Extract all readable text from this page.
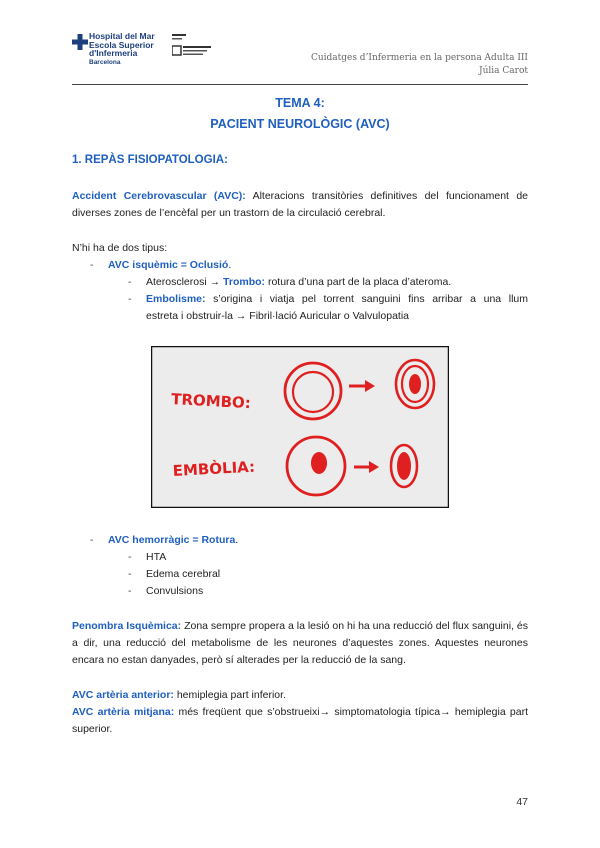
Hospital del Mar
Escola Superior
d'Infermeria
Barcelona	Cuidatges d’Infermeria en la persona Adulta III
Júlia Carot
TEMA 4:
PACIENT NEUROLÒGIC (AVC)
1. REPÀS FISIOPATOLOGIA:
Accident Cerebrovascular (AVC): Alteracions transitòries definitives del funcionament de diverses zones de l’encèfal per un trastorn de la circulació cerebral.
N’hi ha de dos tipus:
- AVC isquèmic = Oclusió.
- Aterosclerosi → Trombo: rotura d’una part de la placa d’ateroma.
- Embolisme: s’origina i viatja pel torrent sanguini fins arribar a una llum
estreta i obstruir-la → Fibril·lació Auricular o Valvulopatia
TROMBO:
EMBÒLIA:
- AVC hemorràgic = Rotura.
- HTA
- Edema cerebral
- Convulsions
Penombra Isquèmica: Zona sempre propera a la lesió on hi ha una reducció del flux sanguini, és a dir, una reducció del metabolisme de les neurones d’aquestes zones. Aquestes neurones encara no estan danyades, però sí alterades per la reducció de la sang.
AVC artèria anterior: hemiplegia part inferior.
AVC artèria mitjana: més freqüent que s’obstrueixi→ simptomatologia típica→ hemiplegia part superior.
47
